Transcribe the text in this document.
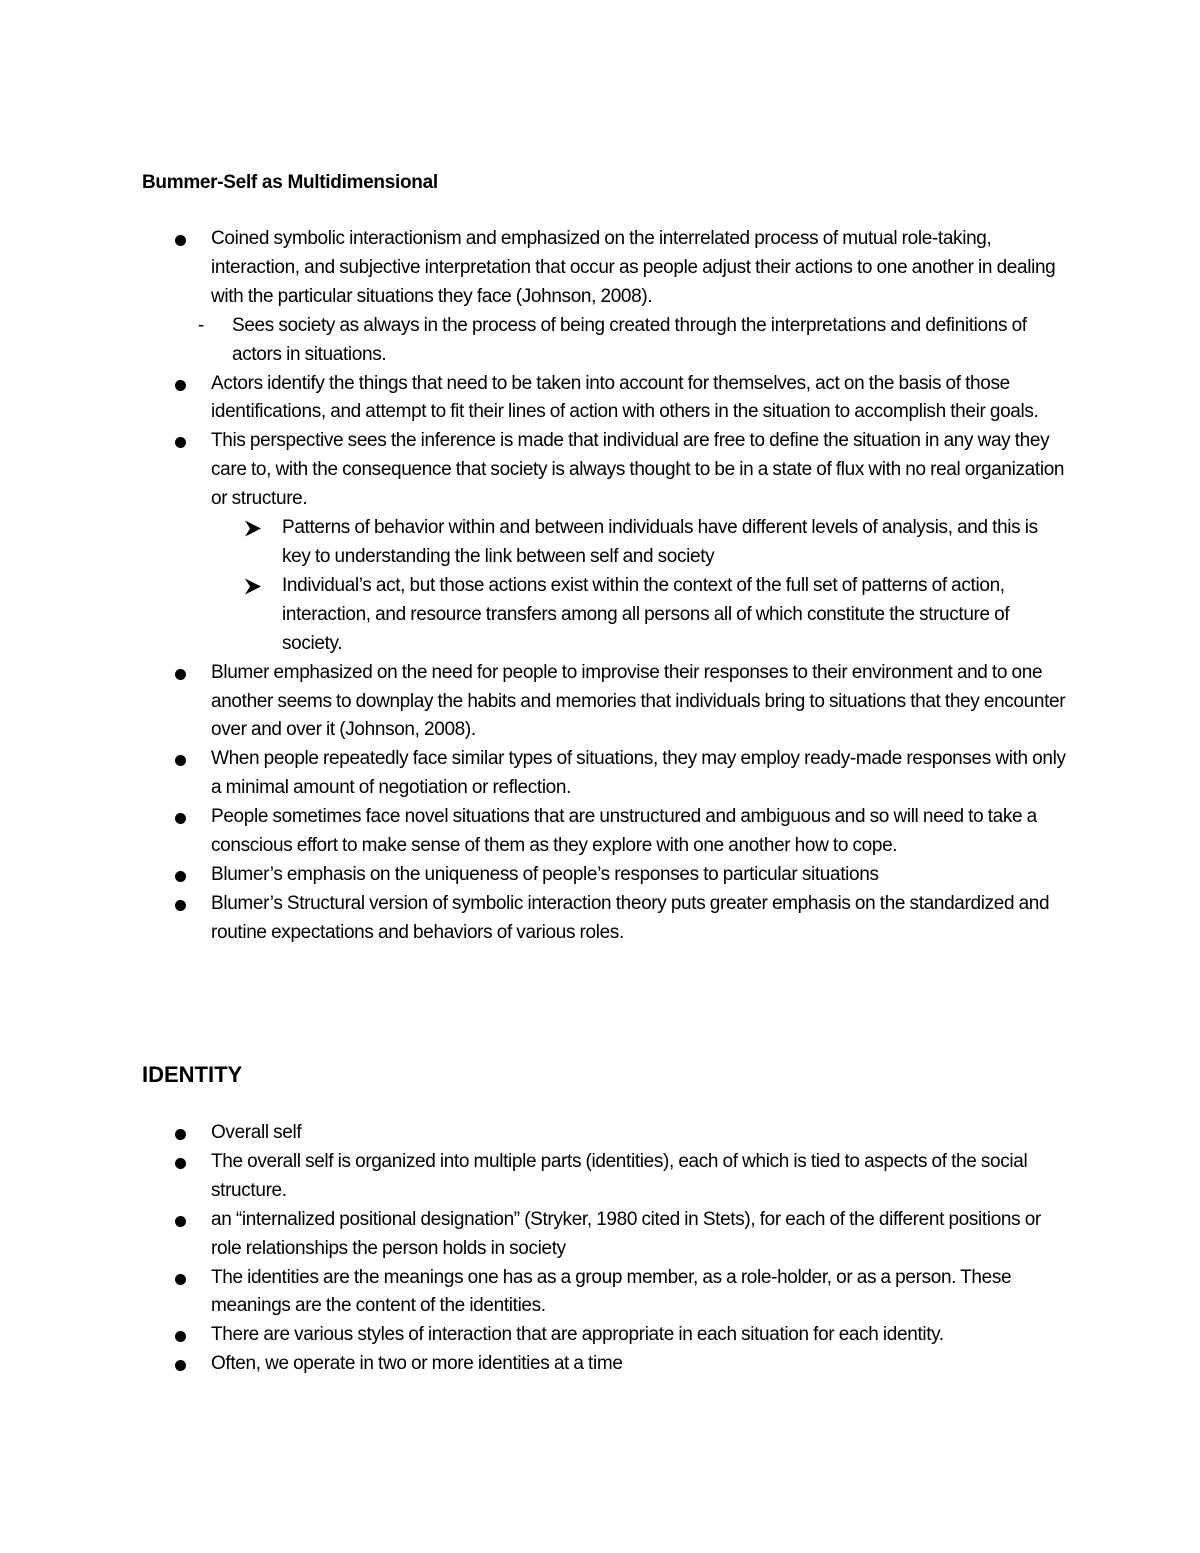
Bummer-Self as Multidimensional
Coined symbolic interactionism and emphasized on the interrelated process of mutual role-taking, interaction, and subjective interpretation that occur as people adjust their actions to one another in dealing with the particular situations they face (Johnson, 2008).
- Sees society as always in the process of being created through the interpretations and definitions of actors in situations.
Actors identify the things that need to be taken into account for themselves, act on the basis of those identifications, and attempt to fit their lines of action with others in the situation to accomplish their goals.
This perspective sees the inference is made that individual are free to define the situation in any way they care to, with the consequence that society is always thought to be in a state of flux with no real organization or structure.
Patterns of behavior within and between individuals have different levels of analysis, and this is key to understanding the link between self and society
Individual’s act, but those actions exist within the context of the full set of patterns of action, interaction, and resource transfers among all persons all of which constitute the structure of society.
Blumer emphasized on the need for people to improvise their responses to their environment and to one another seems to downplay the habits and memories that individuals bring to situations that they encounter over and over it (Johnson, 2008).
When people repeatedly face similar types of situations, they may employ ready-made responses with only a minimal amount of negotiation or reflection.
People sometimes face novel situations that are unstructured and ambiguous and so will need to take a conscious effort to make sense of them as they explore with one another how to cope.
Blumer’s emphasis on the uniqueness of people’s responses to particular situations
Blumer’s Structural version of symbolic interaction theory puts greater emphasis on the standardized and routine expectations and behaviors of various roles.
IDENTITY
Overall self
The overall self is organized into multiple parts (identities), each of which is tied to aspects of the social structure.
an “internalized positional designation” (Stryker, 1980 cited in Stets), for each of the different positions or role relationships the person holds in society
The identities are the meanings one has as a group member, as a role-holder, or as a person. These meanings are the content of the identities.
There are various styles of interaction that are appropriate in each situation for each identity.
Often, we operate in two or more identities at a time
